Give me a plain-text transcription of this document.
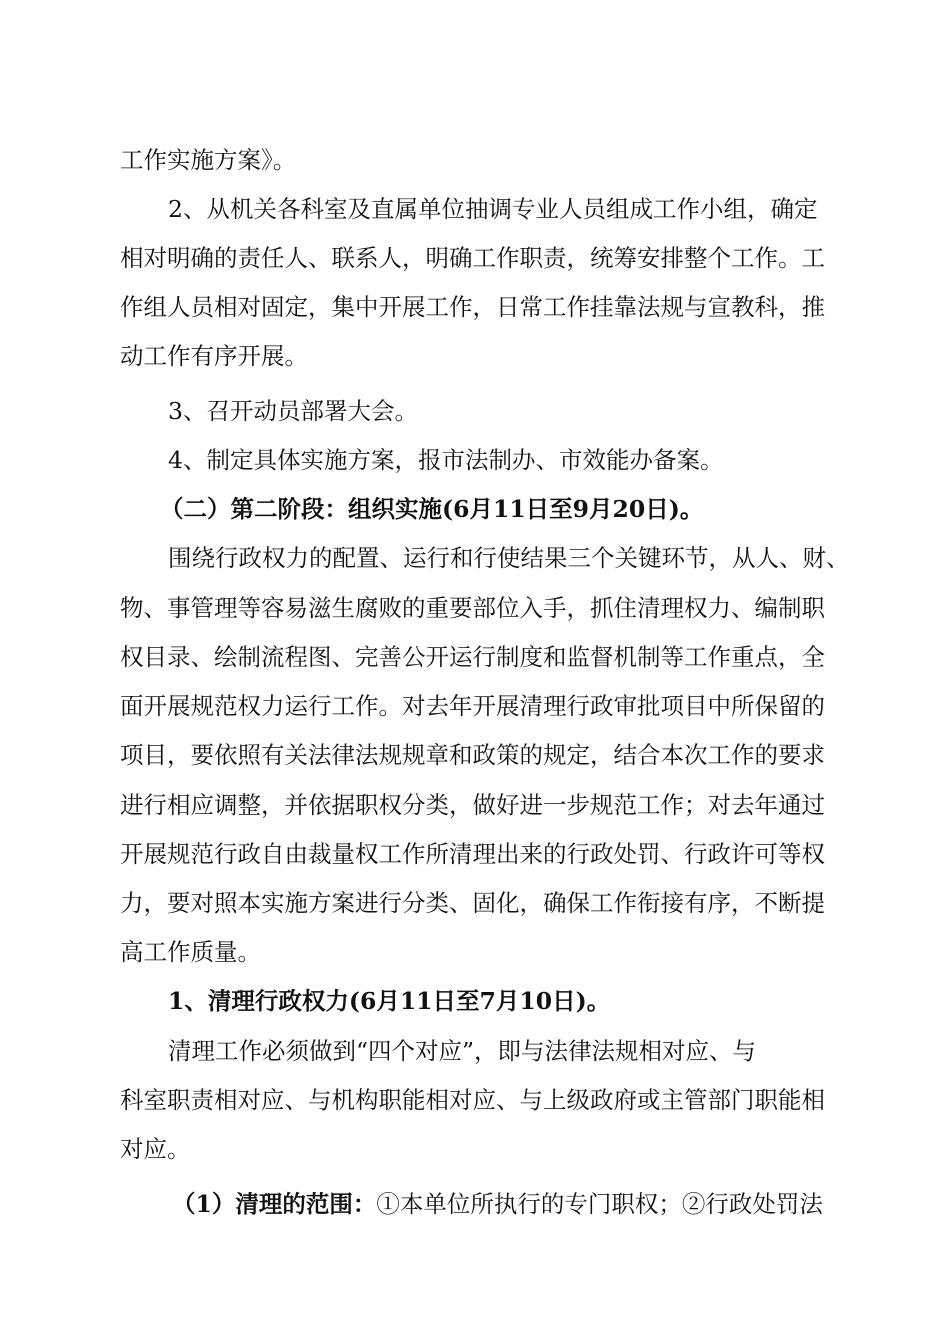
工作实施方案》。
2、从机关各科室及直属单位抽调专业人员组成工作小组，确定
相对明确的责任人、联系人，明确工作职责，统筹安排整个工作。工
作组人员相对固定，集中开展工作，日常工作挂靠法规与宣教科，推
动工作有序开展。
3、召开动员部署大会。
4、制定具体实施方案，报市法制办、市效能办备案。
（二）第二阶段：组织实施(6月11日至9月20日)。
围绕行政权力的配置、运行和行使结果三个关键环节，从人、财、
物、事管理等容易滋生腐败的重要部位入手，抓住清理权力、编制职
权目录、绘制流程图、完善公开运行制度和监督机制等工作重点，全
面开展规范权力运行工作。对去年开展清理行政审批项目中所保留的
项目，要依照有关法律法规规章和政策的规定，结合本次工作的要求
进行相应调整，并依据职权分类，做好进一步规范工作；对去年通过
开展规范行政自由裁量权工作所清理出来的行政处罚、行政许可等权
力，要对照本实施方案进行分类、固化，确保工作衔接有序，不断提
高工作质量。
1、清理行政权力(6月11日至7月10日)。
清理工作必须做到“四个对应”，即与法律法规相对应、与
科室职责相对应、与机构职能相对应、与上级政府或主管部门职能相
对应。
（1）清理的范围：①本单位所执行的专门职权；②行政处罚法
